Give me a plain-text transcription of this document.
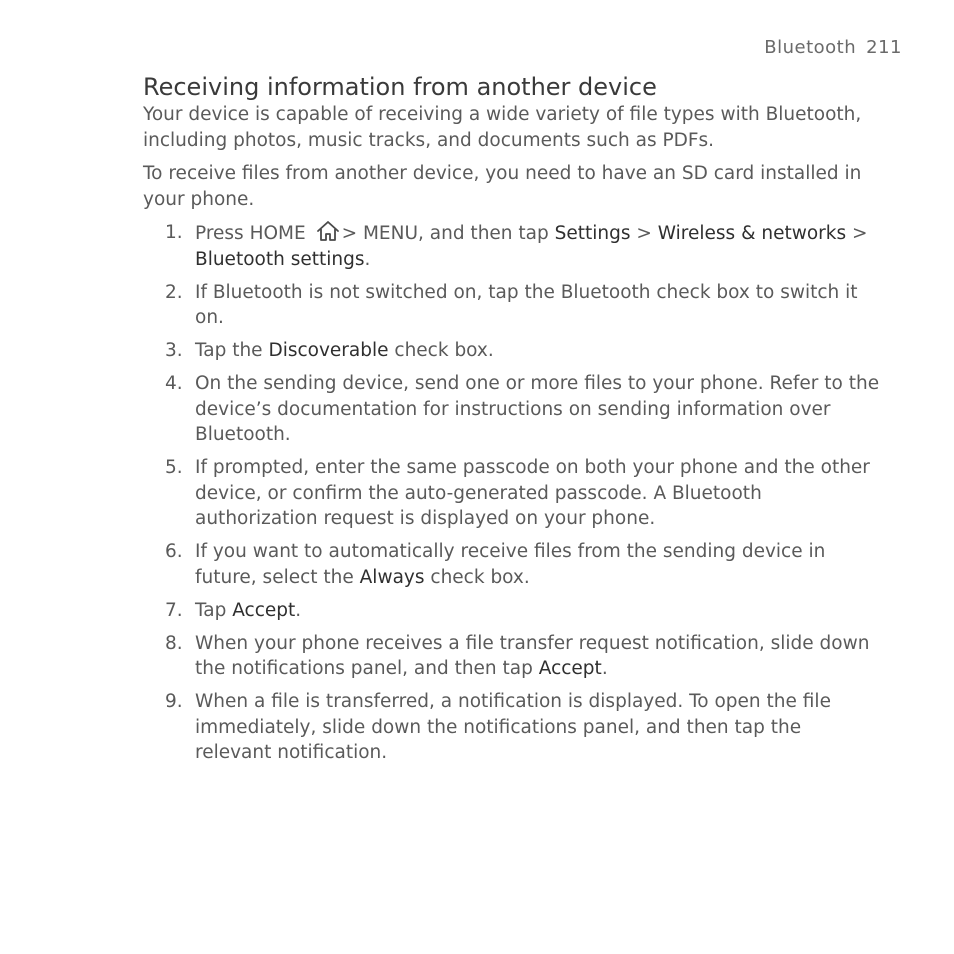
Bluetooth 211
Receiving information from another device

Your device is capable of receiving a wide variety of file types with Bluetooth, including photos, music tracks, and documents such as PDFs.

To receive files from another device, you need to have an SD card installed in your phone.

1. Press HOME > MENU, and then tap Settings > Wireless & networks > Bluetooth settings.
2. If Bluetooth is not switched on, tap the Bluetooth check box to switch it on.
3. Tap the Discoverable check box.
4. On the sending device, send one or more files to your phone. Refer to the device’s documentation for instructions on sending information over Bluetooth.
5. If prompted, enter the same passcode on both your phone and the other device, or confirm the auto-generated passcode. A Bluetooth authorization request is displayed on your phone.
6. If you want to automatically receive files from the sending device in future, select the Always check box.
7. Tap Accept.
8. When your phone receives a file transfer request notification, slide down the notifications panel, and then tap Accept.
9. When a file is transferred, a notification is displayed. To open the file immediately, slide down the notifications panel, and then tap the relevant notification.
